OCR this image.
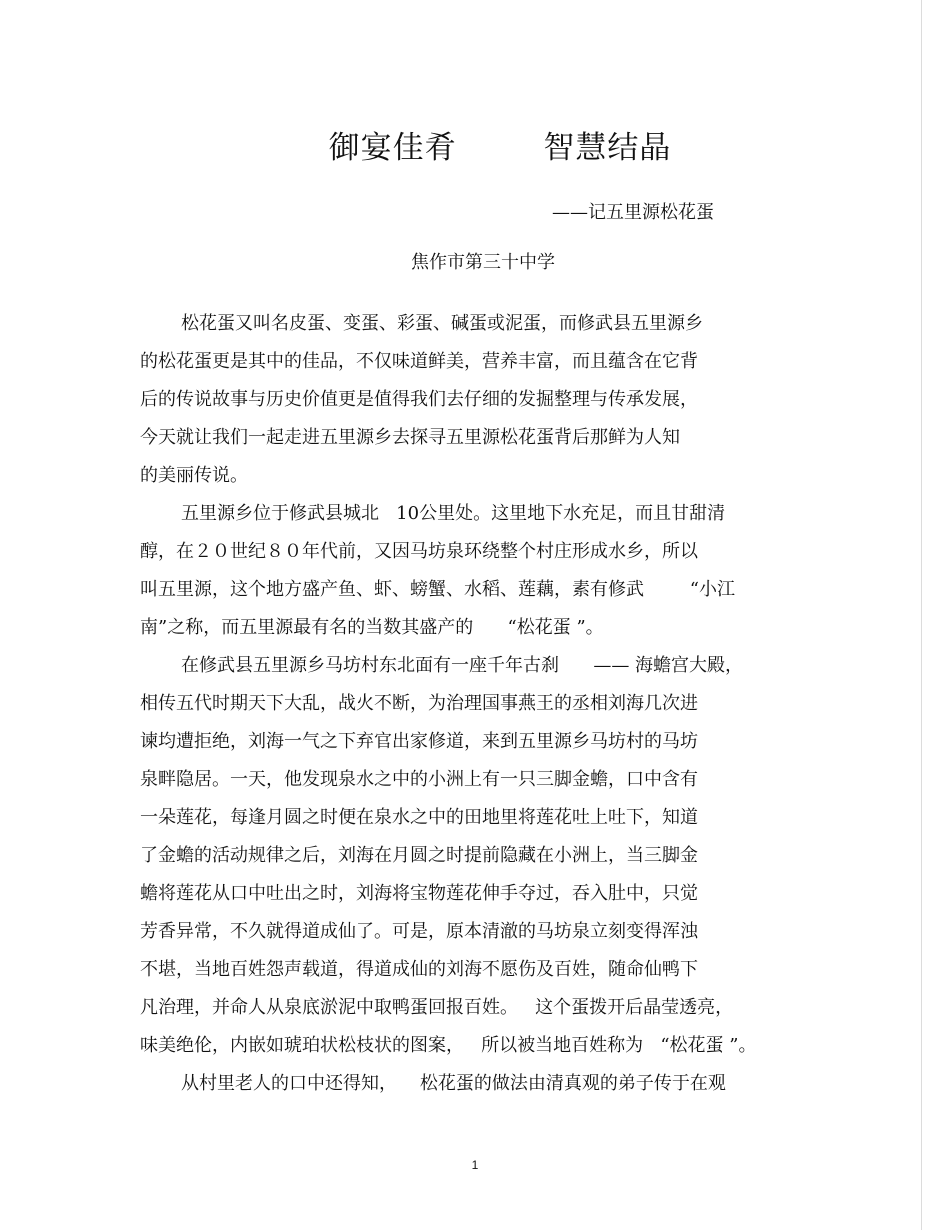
御宴佳肴        智慧结晶
——记五里源松花蛋
焦作市第三十中学
松花蛋又叫名皮蛋、变蛋、彩蛋、碱蛋或泥蛋，而修武县五里源乡
的松花蛋更是其中的佳品，不仅味道鲜美，营养丰富，而且蕴含在它背
后的传说故事与历史价值更是值得我们去仔细的发掘整理与传承发展，
今天就让我们一起走进五里源乡去探寻五里源松花蛋背后那鲜为人知
的美丽传说。
五里源乡位于修武县城北   10公里处。这里地下水充足，而且甘甜清
醇，在２０世纪８０年代前，又因马坊泉环绕整个村庄形成水乡，所以
叫五里源，这个地方盛产鱼、虾、螃蟹、水稻、莲藕，素有修武        “小江
南”之称，而五里源最有名的当数其盛产的      “松花蛋 ”。
在修武县五里源乡马坊村东北面有一座千年古刹      —— 海蟾宫大殿，
相传五代时期天下大乱，战火不断，为治理国事燕王的丞相刘海几次进
谏均遭拒绝，刘海一气之下弃官出家修道，来到五里源乡马坊村的马坊
泉畔隐居。一天，他发现泉水之中的小洲上有一只三脚金蟾，口中含有
一朵莲花，每逢月圆之时便在泉水之中的田地里将莲花吐上吐下，知道
了金蟾的活动规律之后，刘海在月圆之时提前隐藏在小洲上，当三脚金
蟾将莲花从口中吐出之时，刘海将宝物莲花伸手夺过，吞入肚中，只觉
芳香异常，不久就得道成仙了。可是，原本清澈的马坊泉立刻变得浑浊
不堪，当地百姓怨声载道，得道成仙的刘海不愿伤及百姓，随命仙鸭下
凡治理，并命人从泉底淤泥中取鸭蛋回报百姓。   这个蛋拨开后晶莹透亮，
味美绝伦，内嵌如琥珀状松枝状的图案，   所以被当地百姓称为   “松花蛋 ”。
从村里老人的口中还得知，    松花蛋的做法由清真观的弟子传于在观
1
